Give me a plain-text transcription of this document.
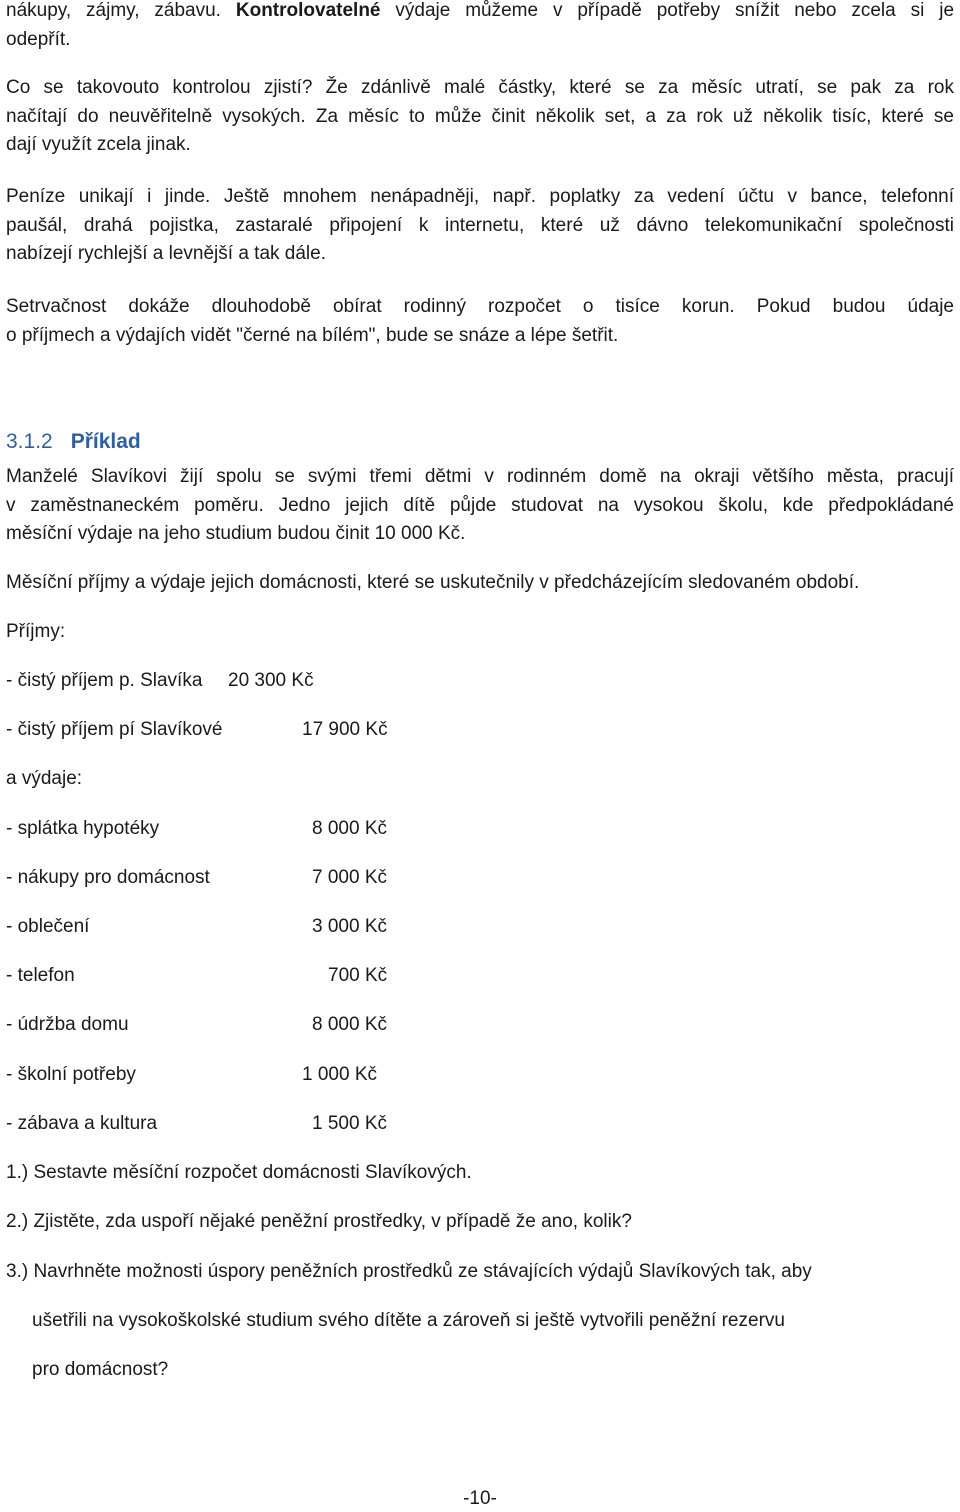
nákupy, zájmy, zábavu. Kontrolovatelné výdaje můžeme v případě potřeby snížit nebo zcela si je
odepřít.
Co se takovouto kontrolou zjistí? Že zdánlivě malé částky, které se za měsíc utratí, se pak za rok
načítají do neuvěřitelně vysokých. Za měsíc to může činit několik set, a za rok už několik tisíc, které se
dají využít zcela jinak.
Peníze unikají i jinde. Ještě mnohem nenápadněji, např. poplatky za vedení účtu v bance, telefonní
paušál, drahá pojistka, zastaralé připojení k internetu, které už dávno telekomunikační společnosti
nabízejí rychlejší a levnější a tak dále.
Setrvačnost dokáže dlouhodobě obírat rodinný rozpočet o tisíce korun. Pokud budou údaje
o příjmech a výdajích vidět "černé na bílém", bude se snáze a lépe šetřit.
3.1.2 Příklad
Manželé Slavíkovi žijí spolu se svými třemi dětmi v rodinném domě na okraji většího města, pracují
v zaměstnaneckém poměru. Jedno jejich dítě půjde studovat na vysokou školu, kde předpokládané
měsíční výdaje na jeho studium budou činit 10 000 Kč.
Měsíční příjmy a výdaje jejich domácnosti, které se uskutečnily v předcházejícím sledovaném období.
Příjmy:
- čistý příjem p. Slavíka 20 300 Kč
- čistý příjem pí Slavíkové	17 900 Kč
a výdaje:
- splátka hypotéky	8 000 Kč
- nákupy pro domácnost	7 000 Kč
- oblečení	3 000 Kč
- telefon	700 Kč
- údržba domu	8 000 Kč
- školní potřeby	1 000 Kč
- zábava a kultura	1 500 Kč
1.) Sestavte měsíční rozpočet domácnosti Slavíkových.
2.) Zjistěte, zda uspoří nějaké peněžní prostředky, v případě že ano, kolik?
3.) Navrhněte možnosti úspory peněžních prostředků ze stávajících výdajů Slavíkových tak, aby
ušetřili na vysokoškolské studium svého dítěte a zároveň si ještě vytvořili peněžní rezervu
pro domácnost?
-10-
